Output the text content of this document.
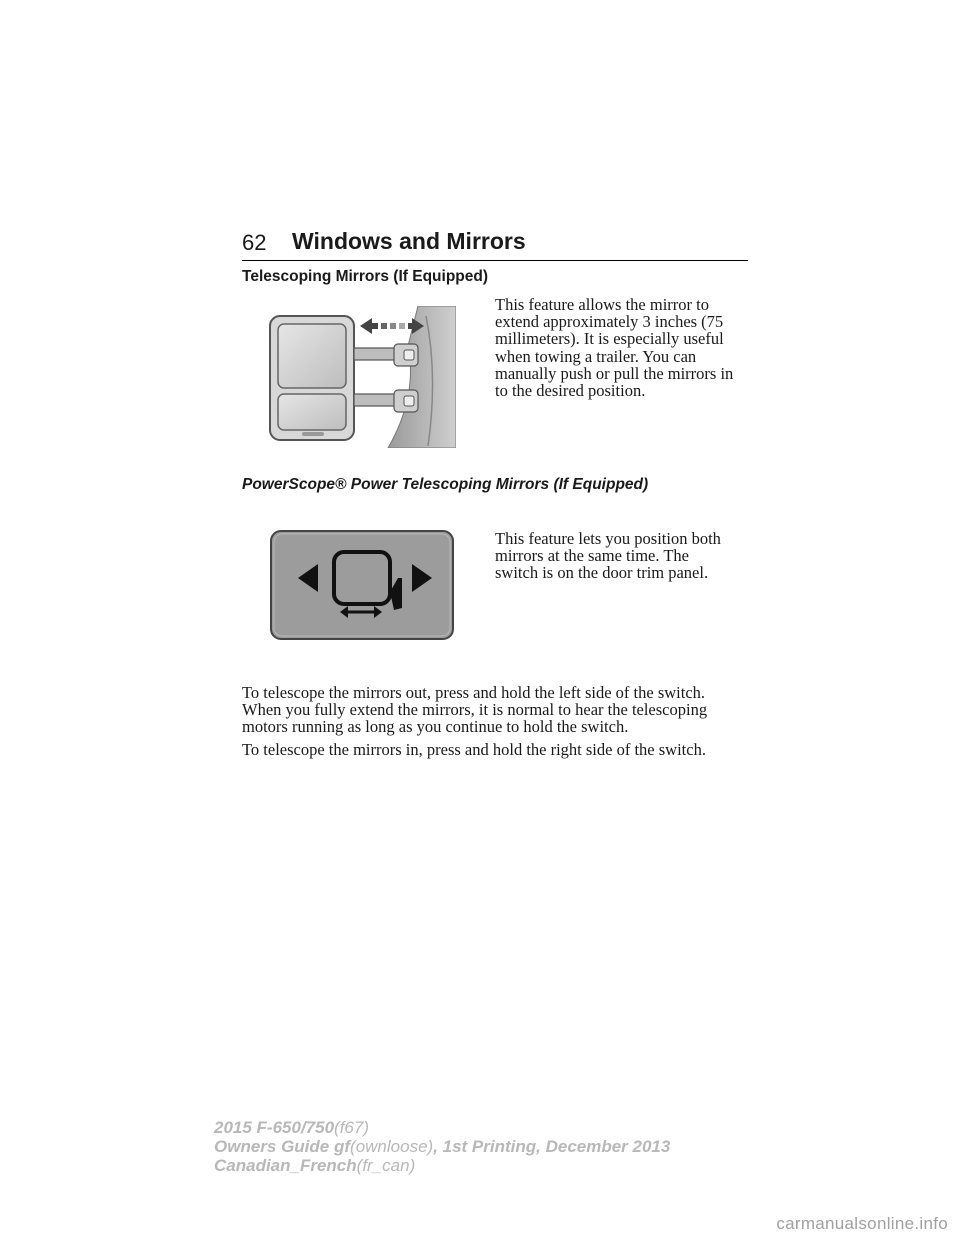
62 Windows and Mirrors
Telescoping Mirrors (If Equipped)
This feature allows the mirror to
extend approximately 3 inches (75
millimeters). It is especially useful
when towing a trailer. You can
manually push or pull the mirrors in
to the desired position.
PowerScope® Power Telescoping Mirrors (If Equipped)
This feature lets you position both
mirrors at the same time. The
switch is on the door trim panel.
To telescope the mirrors out, press and hold the left side of the switch.
When you fully extend the mirrors, it is normal to hear the telescoping
motors running as long as you continue to hold the switch.
To telescope the mirrors in, press and hold the right side of the switch.
2015 F-650/750(f67)
Owners Guide gf(ownloose), 1st Printing, December 2013
Canadian_French(fr_can)
carmanualsonline.info
